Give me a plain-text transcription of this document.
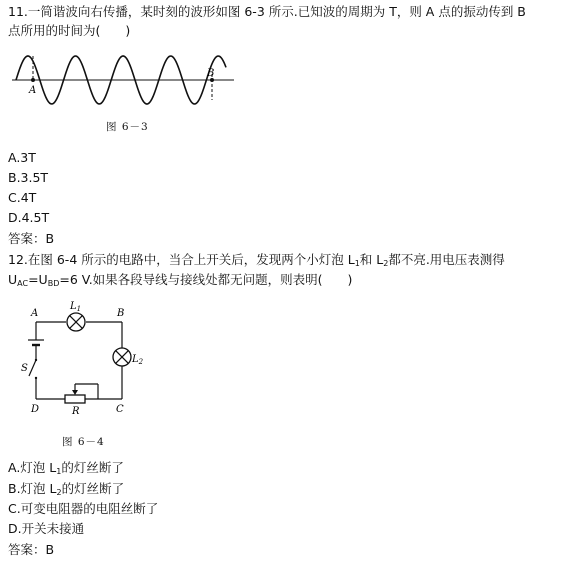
11.一简谐波向右传播，某时刻的波形如图 6-3 所示.已知波的周期为 T，则 A 点的振动传到 B
点所用的时间为(　　)
A
B
图 6－3
A.3T
B.3.5T
C.4T
D.4.5T
答案：B
12.在图 6-4 所示的电路中，当合上开关后，发现两个小灯泡 $L_1$和 $L_2$都不亮.用电压表测得
$U_{AC}=U_{BD}=6$ V.如果各段导线与接线处都无问题，则表明(　　)
A	B
C
D
$L_1$
$L_2$
S
R
图 6－4
A.灯泡 $L_1$的灯丝断了
B.灯泡 $L_2$的灯丝断了
C.可变电阻器的电阻丝断了
D.开关未接通
答案：B
